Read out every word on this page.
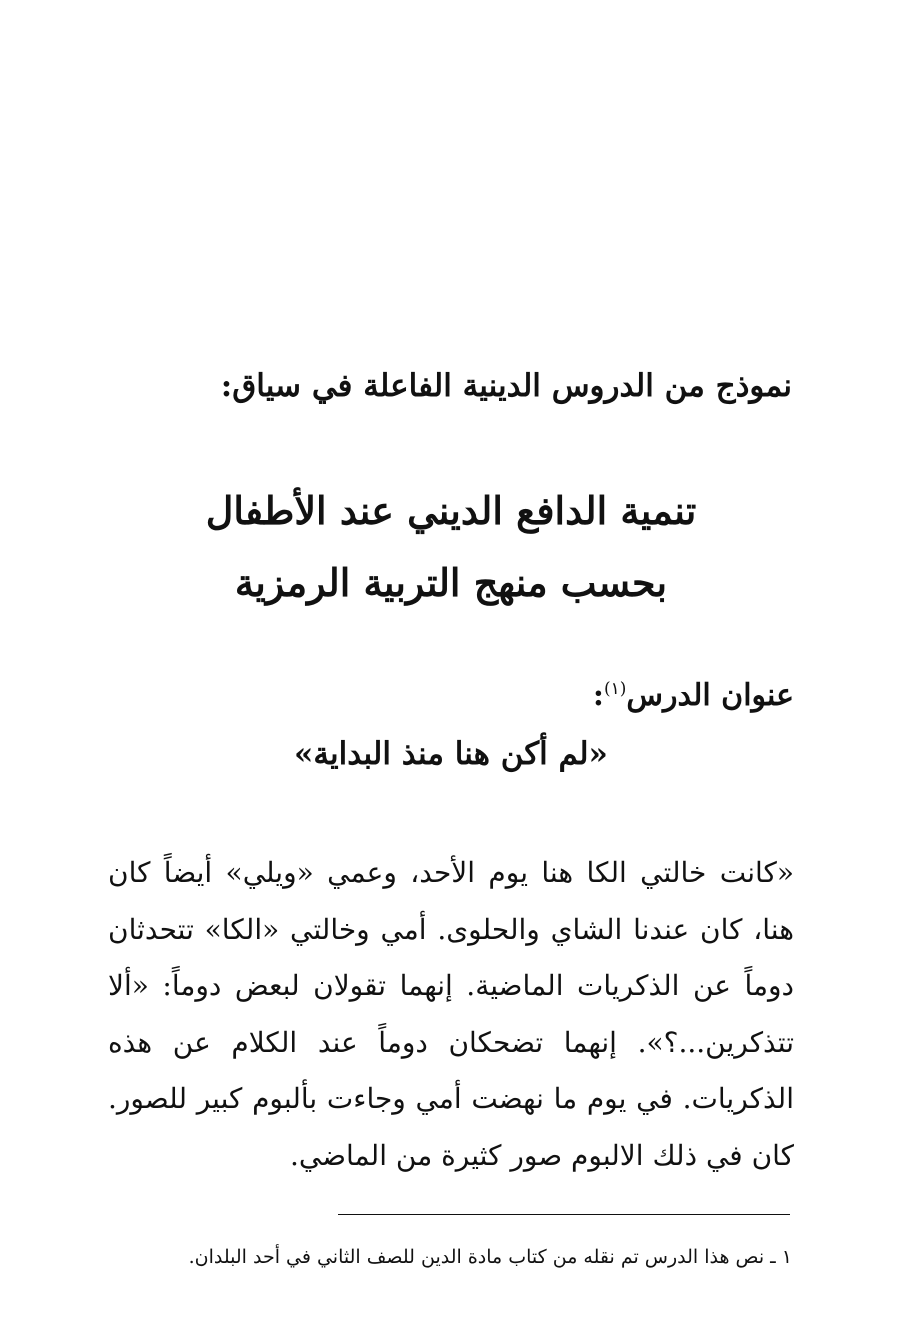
نموذج من الدروس الدينية الفاعلة في سياق:

تنمية الدافع الديني عند الأطفال

بحسب منهج التربية الرمزية

عنوان الدرس$^{(١)}$:

«لم أكن هنا منذ البداية»

«كانت خالتي الكا هنا يوم الأحد، وعمي «ويلي» أيضاً كان هنا، كان عندنا الشاي والحلوى. أمي وخالتي «الكا» تتحدثان دوماً عن الذكريات الماضية. إنهما تقولان لبعض دوماً: «ألا تتذكرين...؟». إنهما تضحكان دوماً عند الكلام عن هذه الذكريات. في يوم ما نهضت أمي وجاءت بألبوم كبير للصور. كان في ذلك الالبوم صور كثيرة من الماضي.

١ ـ نص هذا الدرس تم نقله من كتاب مادة الدين للصف الثاني في أحد البلدان.
